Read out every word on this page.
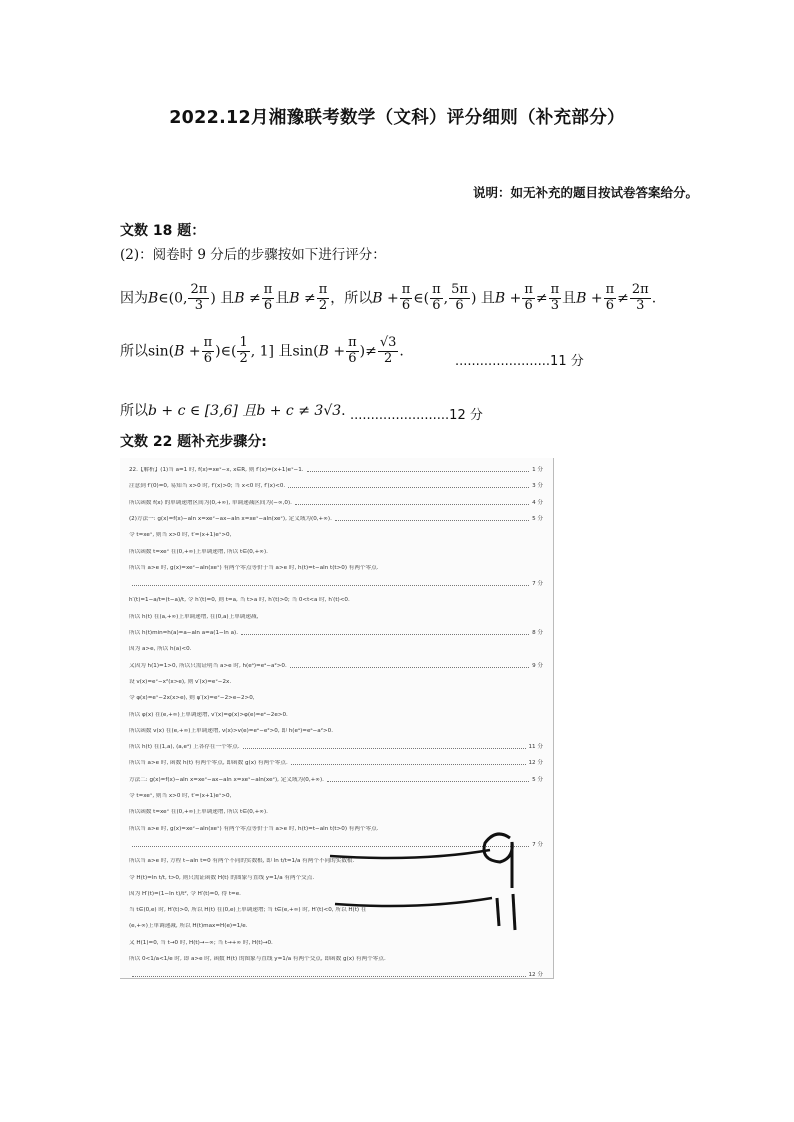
2022.12月湘豫联考数学（文科）评分细则（补充部分）
说明：如无补充的题目按试卷答案给分。
文数 18 题：
(2)：阅卷时 9 分后的步骤按如下进行评分：
因为B∈(0, $\frac{2\pi}{3}$ ) 且$B \ne \frac{\pi}{6}$ 且$B \ne \frac{\pi}{2}$ ，所以$B + \frac{\pi}{6}$ ∈( $\frac{\pi}{6}$ , $\frac{5\pi}{6}$ ) 且$B + \frac{\pi}{6} \ne \frac{\pi}{3}$ 且$B + \frac{\pi}{6} \ne \frac{2\pi}{3}$ .
所以$\sin(B + \frac{\pi}{6}$ )∈( $\frac{1}{2}$ , 1] 且$\sin(B + \frac{\pi}{6}$ )≠ $\frac{√3}{2}$ .
.......................11 分
所以b + c ∈ [3,6] 且b + c ≠ 3√3. ........................12 分
文数 22 题补充步骤分:
22.【解析】(1)当 a=1 时, f(x)=xeˣ−x, x∈R, 则 f′(x)=(x+1)eˣ−1.	1 分
注意到 f′(0)=0, 易知当 x>0 时, f′(x)>0; 当 x<0 时, f′(x)<0.	3 分
所以函数 f(x) 的单调递增区间为(0,+∞), 单调递减区间为(−∞,0).	4 分
(2)方法一: g(x)=f(x)−aln x=xeˣ−ax−aln x=xeˣ−aln(xeˣ), 定义域为(0,+∞).	5 分
令 t=xeˣ, 则当 x>0 时, t′=(x+1)eˣ>0,
所以函数 t=xeˣ 在(0,+∞)上单调递增, 所以 t∈(0,+∞).
所以当 a>e 时, g(x)=xeˣ−aln(xeˣ) 有两个零点等价于当 a>e 时, h(t)=t−aln t(t>0) 有两个零点.
7 分
h′(t)=1−a/t=(t−a)/t, 令 h′(t)=0, 则 t=a, 当 t>a 时, h′(t)>0; 当 0<t<a 时, h′(t)<0.
所以 h(t) 在(a,+∞)上单调递增, 在(0,a)上单调递减,
所以 h(t)min=h(a)=a−aln a=a(1−ln a).	8 分
因为 a>e, 所以 h(a)<0.
又因为 h(1)=1>0, 所以只需证明当 a>e 时, h(eᵃ)=eᵃ−a²>0.	9 分
设 v(x)=eˣ−x²(x>e), 则 v′(x)=eˣ−2x.
令 φ(x)=eˣ−2x(x>e), 则 φ′(x)=eˣ−2>e−2>0,
所以 φ(x) 在(e,+∞)上单调递增, v′(x)=φ(x)>φ(e)=eᵉ−2e>0.
所以函数 v(x) 在(e,+∞)上单调递增, v(x)>v(e)=eᵉ−e²>0, 即 h(eᵃ)=eᵃ−a²>0.
所以 h(t) 在(1,a), (a,eᵃ) 上各存在一个零点.	11 分
所以当 a>e 时, 函数 h(t) 有两个零点, 即函数 g(x) 有两个零点.	12 分
方法二: g(x)=f(x)−aln x=xeˣ−ax−aln x=xeˣ−aln(xeˣ), 定义域为(0,+∞).	5 分
令 t=xeˣ, 则当 x>0 时, t′=(x+1)eˣ>0,
所以函数 t=xeˣ 在(0,+∞)上单调递增, 所以 t∈(0,+∞).
所以当 a>e 时, g(x)=xeˣ−aln(xeˣ) 有两个零点等价于当 a>e 时, h(t)=t−aln t(t>0) 有两个零点.
7 分
所以当 a>e 时, 方程 t−aln t=0 有两个不同的实数根, 即 ln t/t=1/a 有两个不同的实数根.
令 H(t)=ln t/t, t>0, 则只需证函数 H(t) 的图象与直线 y=1/a 有两个交点.
因为 H′(t)=(1−ln t)/t², 令 H′(t)=0, 得 t=e.
当 t∈(0,e) 时, H′(t)>0, 所以 H(t) 在(0,e)上单调递增; 当 t∈(e,+∞) 时, H′(t)<0, 所以 H(t) 在
(e,+∞)上单调递减, 所以 H(t)max=H(e)=1/e.
又 H(1)=0, 当 t→0 时, H(t)→−∞; 当 t→+∞ 时, H(t)→0.
所以 0<1/a<1/e 时, 即 a>e 时, 函数 H(t) 的图象与直线 y=1/a 有两个交点, 即函数 g(x) 有两个零点.
12 分
